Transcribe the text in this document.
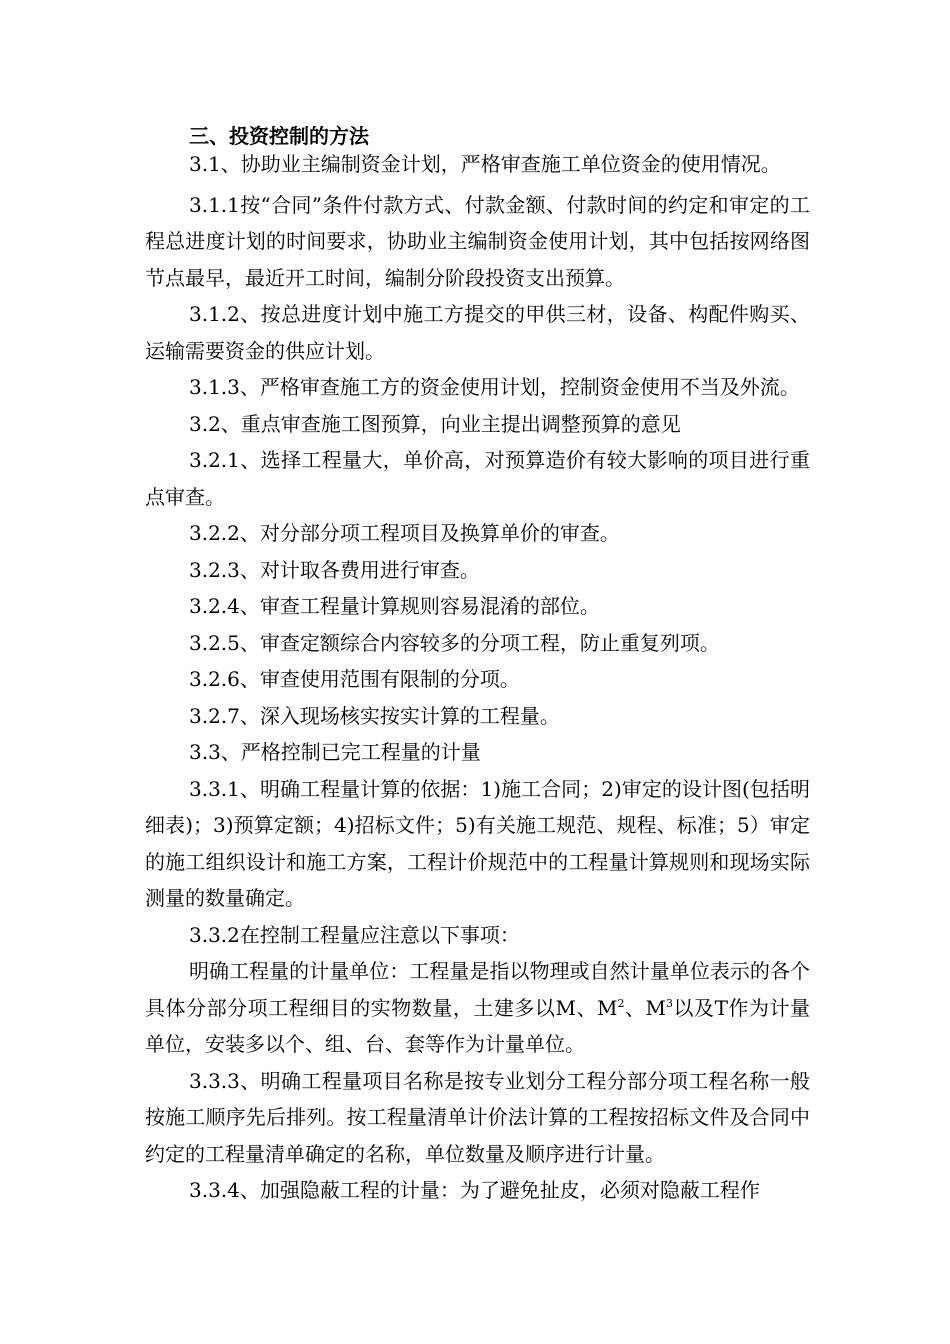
三、投资控制的方法

3.1、协助业主编制资金计划，严格审查施工单位资金的使用情况。

3.1.1按“合同”条件付款方式、付款金额、付款时间的约定和审定的工程总进度计划的时间要求，协助业主编制资金使用计划，其中包括按网络图节点最早，最近开工时间，编制分阶段投资支出预算。

3.1.2、按总进度计划中施工方提交的甲供三材，设备、构配件购买、运输需要资金的供应计划。

3.1.3、严格审查施工方的资金使用计划，控制资金使用不当及外流。

3.2、重点审查施工图预算，向业主提出调整预算的意见

3.2.1、选择工程量大，单价高，对预算造价有较大影响的项目进行重点审查。

3.2.2、对分部分项工程项目及换算单价的审查。

3.2.3、对计取各费用进行审查。

3.2.4、审查工程量计算规则容易混淆的部位。

3.2.5、审查定额综合内容较多的分项工程，防止重复列项。

3.2.6、审查使用范围有限制的分项。

3.2.7、深入现场核实按实计算的工程量。

3.3、严格控制已完工程量的计量

3.3.1、明确工程量计算的依据：1)施工合同；2)审定的设计图(包括明细表)；3)预算定额；4)招标文件；5)有关施工规范、规程、标准；5）审定的施工组织设计和施工方案，工程计价规范中的工程量计算规则和现场实际测量的数量确定。

3.3.2在控制工程量应注意以下事项：

明确工程量的计量单位：工程量是指以物理或自然计量单位表示的各个具体分部分项工程细目的实物数量，土建多以M、$M^2$、$M^3$以及T作为计量单位，安装多以个、组、台、套等作为计量单位。

3.3.3、明确工程量项目名称是按专业划分工程分部分项工程名称一般按施工顺序先后排列。按工程量清单计价法计算的工程按招标文件及合同中约定的工程量清单确定的名称，单位数量及顺序进行计量。

3.3.4、加强隐蔽工程的计量：为了避免扯皮，必须对隐蔽工程作
